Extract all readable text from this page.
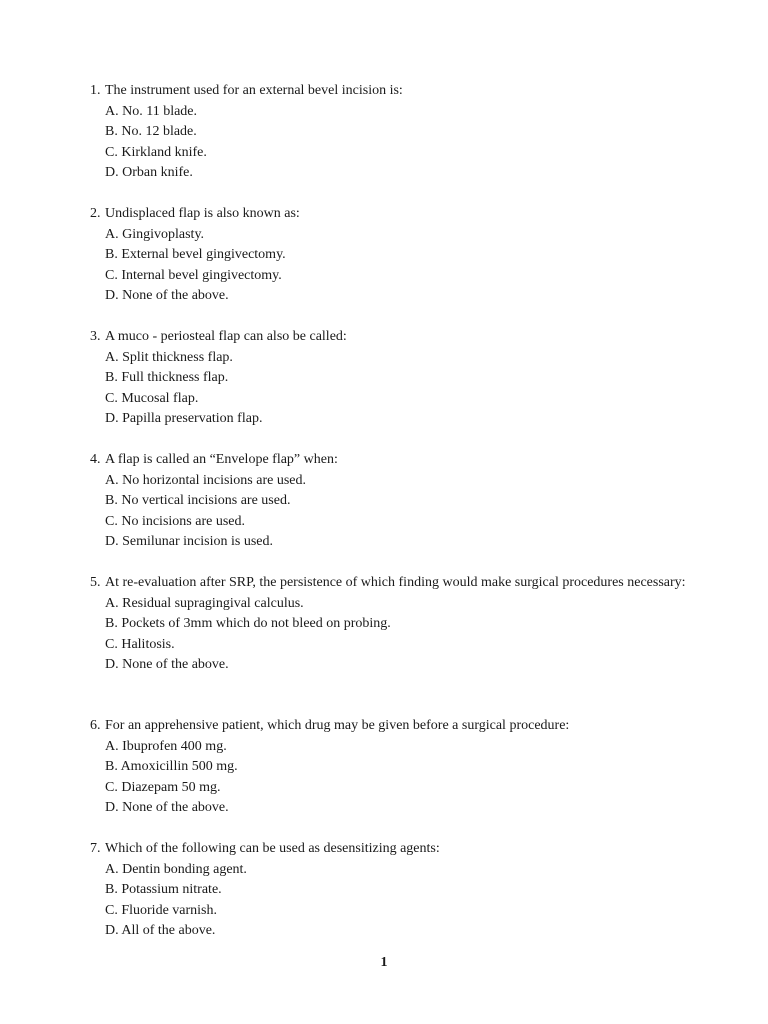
1. The instrument used for an external bevel incision is:

A. No. 11 blade.
B. No. 12 blade.
C. Kirkland knife.
D. Orban knife.

2. Undisplaced flap is also known as:

A. Gingivoplasty.
B. External bevel gingivectomy.
C. Internal bevel gingivectomy.
D. None of the above.

3. A muco - periosteal flap can also be called:

A. Split thickness flap.
B. Full thickness flap.
C. Mucosal flap.
D. Papilla preservation flap.

4. A flap is called an “Envelope flap” when:

A. No horizontal incisions are used.
B. No vertical incisions are used.
C. No incisions are used.
D. Semilunar incision is used.

5. At re-evaluation after SRP, the persistence of which finding would make surgical procedures necessary:

A. Residual supragingival calculus.
B. Pockets of 3mm which do not bleed on probing.
C. Halitosis.
D. None of the above.

6. For an apprehensive patient, which drug may be given before a surgical procedure:

A. Ibuprofen 400 mg.
B. Amoxicillin 500 mg.
C. Diazepam 50 mg.
D. None of the above.

7. Which of the following can be used as desensitizing agents:

A. Dentin bonding agent.
B. Potassium nitrate.
C. Fluoride varnish.
D. All of the above.
1
